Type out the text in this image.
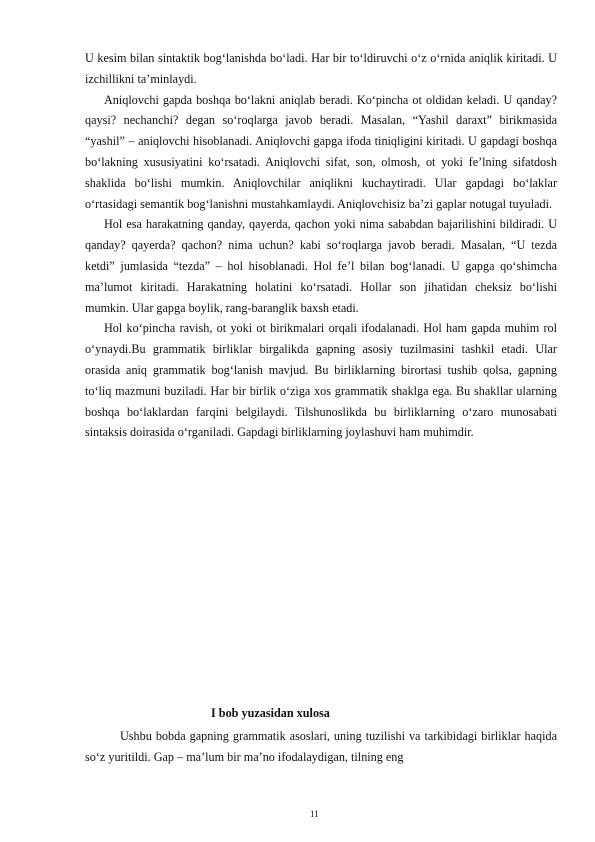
U kesim bilan sintaktik bogʻlanishda boʻladi. Har bir toʻldiruvchi oʻz oʻrnida aniqlik kiritadi. U izchillikni taʼminlaydi.

Aniqlovchi gapda boshqa boʻlakni aniqlab beradi. Koʻpincha ot oldidan keladi. U qanday? qaysi? nechanchi? degan soʻroqlarga javob beradi. Masalan, “Yashil daraxt” birikmasida “yashil” – aniqlovchi hisoblanadi. Aniqlovchi gapga ifoda tiniqligini kiritadi. U gapdagi boshqa boʻlakning xususiyatini koʻrsatadi. Aniqlovchi sifat, son, olmosh, ot yoki feʼlning sifatdosh shaklida boʻlishi mumkin. Aniqlovchilar aniqlikni kuchaytiradi. Ular gapdagi boʻlaklar oʻrtasidagi semantik bogʻlanishni mustahkamlaydi. Aniqlovchisiz baʼzi gaplar notugal tuyuladi.

Hol esa harakatning qanday, qayerda, qachon yoki nima sababdan bajarilishini bildiradi. U qanday? qayerda? qachon? nima uchun? kabi soʻroqlarga javob beradi. Masalan, “U tezda ketdi” jumlasida “tezda” – hol hisoblanadi. Hol feʼl bilan bogʻlanadi. U gapga qoʻshimcha maʼlumot kiritadi. Harakatning holatini koʻrsatadi. Hollar son jihatidan cheksiz boʻlishi mumkin. Ular gapga boylik, rang-baranglik baxsh etadi.

Hol koʻpincha ravish, ot yoki ot birikmalari orqali ifodalanadi. Hol ham gapda muhim rol oʻynaydi.Bu grammatik birliklar birgalikda gapning asosiy tuzilmasini tashkil etadi. Ular orasida aniq grammatik bogʻlanish mavjud. Bu birliklarning birortasi tushib qolsa, gapning toʻliq mazmuni buziladi. Har bir birlik oʻziga xos grammatik shaklga ega. Bu shakllar ularning boshqa boʻlaklardan farqini belgilaydi. Tilshunoslikda bu birliklarning oʻzaro munosabati sintaksis doirasida oʻrganiladi. Gapdagi birliklarning joylashuvi ham muhimdir.

I bob yuzasidan xulosa

Ushbu bobda gapning grammatik asoslari, uning tuzilishi va tarkibidagi birliklar haqida soʻz yuritildi. Gap – maʼlum bir maʼno ifodalaydigan, tilning eng

11
